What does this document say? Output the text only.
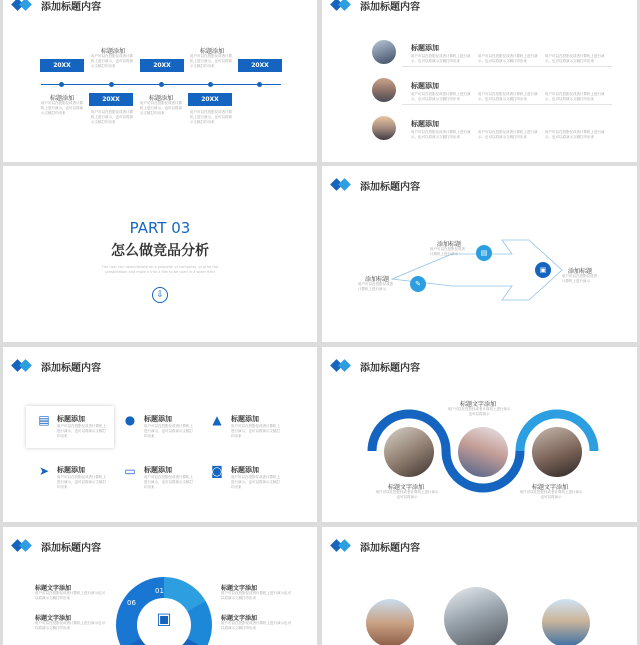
添加标题内容
20XX	20XX	20XX
20XX	20XX
标题添加	标题添加
用户可以在投影仪或者计算机上进行演示，也可以将演示文稿打印出来
用户可以在投影仪或者计算机上进行演示，也可以将演示文稿打印出来
标题添加	标题添加
用户可以在投影仪或者计算机上进行演示，也可以将演示文稿打印出来
用户可以在投影仪或者计算机上进行演示，也可以将演示文稿打印出来
用户可以在投影仪或者计算机上进行演示，也可以将演示文稿打印出来
用户可以在投影仪或者计算机上进行演示，也可以将演示文稿打印出来
添加标题内容
标题添加
标题添加
标题添加
用户可以在投影仪或者计算机上进行演示，也可以将演示文稿打印出来
用户可以在投影仪或者计算机上进行演示，也可以将演示文稿打印出来
用户可以在投影仪或者计算机上进行演示，也可以将演示文稿打印出来
用户可以在投影仪或者计算机上进行演示，也可以将演示文稿打印出来
用户可以在投影仪或者计算机上进行演示，也可以将演示文稿打印出来
用户可以在投影仪或者计算机上进行演示，也可以将演示文稿打印出来
用户可以在投影仪或者计算机上进行演示，也可以将演示文稿打印出来
用户可以在投影仪或者计算机上进行演示，也可以将演示文稿打印出来
用户可以在投影仪或者计算机上进行演示，也可以将演示文稿打印出来
PART 03
怎么做竞品分析
The user can demonstrate on a projector or computer, or print the presentation and make it into a film to be used in a wider field
⇩
添加标题内容
✎
▤
▣
添加标题
用户可以在投影仪或者计算机上进行演示
添加标题
用户可以在投影仪或者计算机上进行演示
添加标题
用户可以在投影仪或者计算机上进行演示
添加标题内容
▤	●	▲
➤	▭	◙
标题添加	标题添加	标题添加
标题添加	标题添加	标题添加
用户可以在投影仪或者计算机上进行演示，也可以将演示文稿打印出来
用户可以在投影仪或者计算机上进行演示，也可以将演示文稿打印出来
用户可以在投影仪或者计算机上进行演示，也可以将演示文稿打印出来
用户可以在投影仪或者计算机上进行演示，也可以将演示文稿打印出来
用户可以在投影仪或者计算机上进行演示，也可以将演示文稿打印出来
用户可以在投影仪或者计算机上进行演示，也可以将演示文稿打印出来
添加标题内容
标题文字添加
用户可以在投影仪或者计算机上进行演示也可以将演示
标题文字添加
用户可以在投影仪或者计算机上进行演示也可以将演示
标题文字添加
用户可以在投影仪或者计算机上进行演示也可以将演示
添加标题内容
▣
01
06
标题文字添加
用户可以在投影仪或者计算机上进行演示也可以将演示文稿打印出来
标题文字添加
用户可以在投影仪或者计算机上进行演示也可以将演示文稿打印出来
标题文字添加
用户可以在投影仪或者计算机上进行演示也可以将演示文稿打印出来
标题文字添加
用户可以在投影仪或者计算机上进行演示也可以将演示文稿打印出来
添加标题内容
